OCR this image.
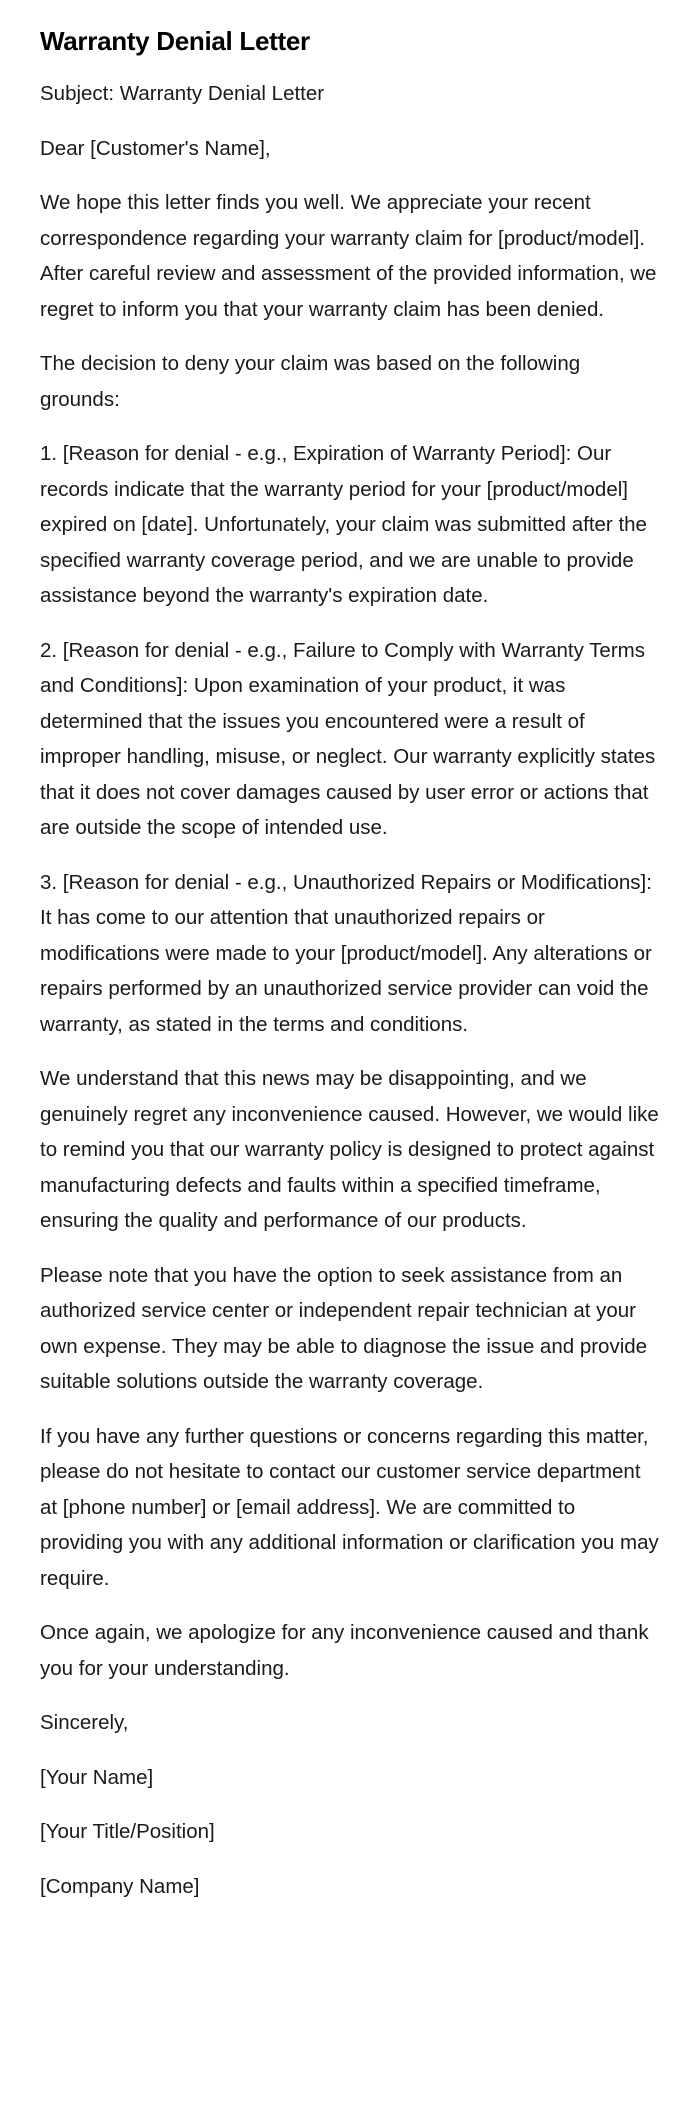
Warranty Denial Letter

Subject: Warranty Denial Letter

Dear [Customer's Name],

We hope this letter finds you well. We appreciate your recent correspondence regarding your warranty claim for [product/model]. After careful review and assessment of the provided information, we regret to inform you that your warranty claim has been denied.

The decision to deny your claim was based on the following grounds:

1. [Reason for denial - e.g., Expiration of Warranty Period]: Our records indicate that the warranty period for your [product/model] expired on [date]. Unfortunately, your claim was submitted after the specified warranty coverage period, and we are unable to provide assistance beyond the warranty's expiration date.

2. [Reason for denial - e.g., Failure to Comply with Warranty Terms and Conditions]: Upon examination of your product, it was determined that the issues you encountered were a result of improper handling, misuse, or neglect. Our warranty explicitly states that it does not cover damages caused by user error or actions that are outside the scope of intended use.

3. [Reason for denial - e.g., Unauthorized Repairs or Modifications]: It has come to our attention that unauthorized repairs or modifications were made to your [product/model]. Any alterations or repairs performed by an unauthorized service provider can void the warranty, as stated in the terms and conditions.

We understand that this news may be disappointing, and we genuinely regret any inconvenience caused. However, we would like to remind you that our warranty policy is designed to protect against manufacturing defects and faults within a specified timeframe, ensuring the quality and performance of our products.

Please note that you have the option to seek assistance from an authorized service center or independent repair technician at your own expense. They may be able to diagnose the issue and provide suitable solutions outside the warranty coverage.

If you have any further questions or concerns regarding this matter, please do not hesitate to contact our customer service department at [phone number] or [email address]. We are committed to providing you with any additional information or clarification you may require.

Once again, we apologize for any inconvenience caused and thank you for your understanding.

Sincerely,

[Your Name]

[Your Title/Position]

[Company Name]
